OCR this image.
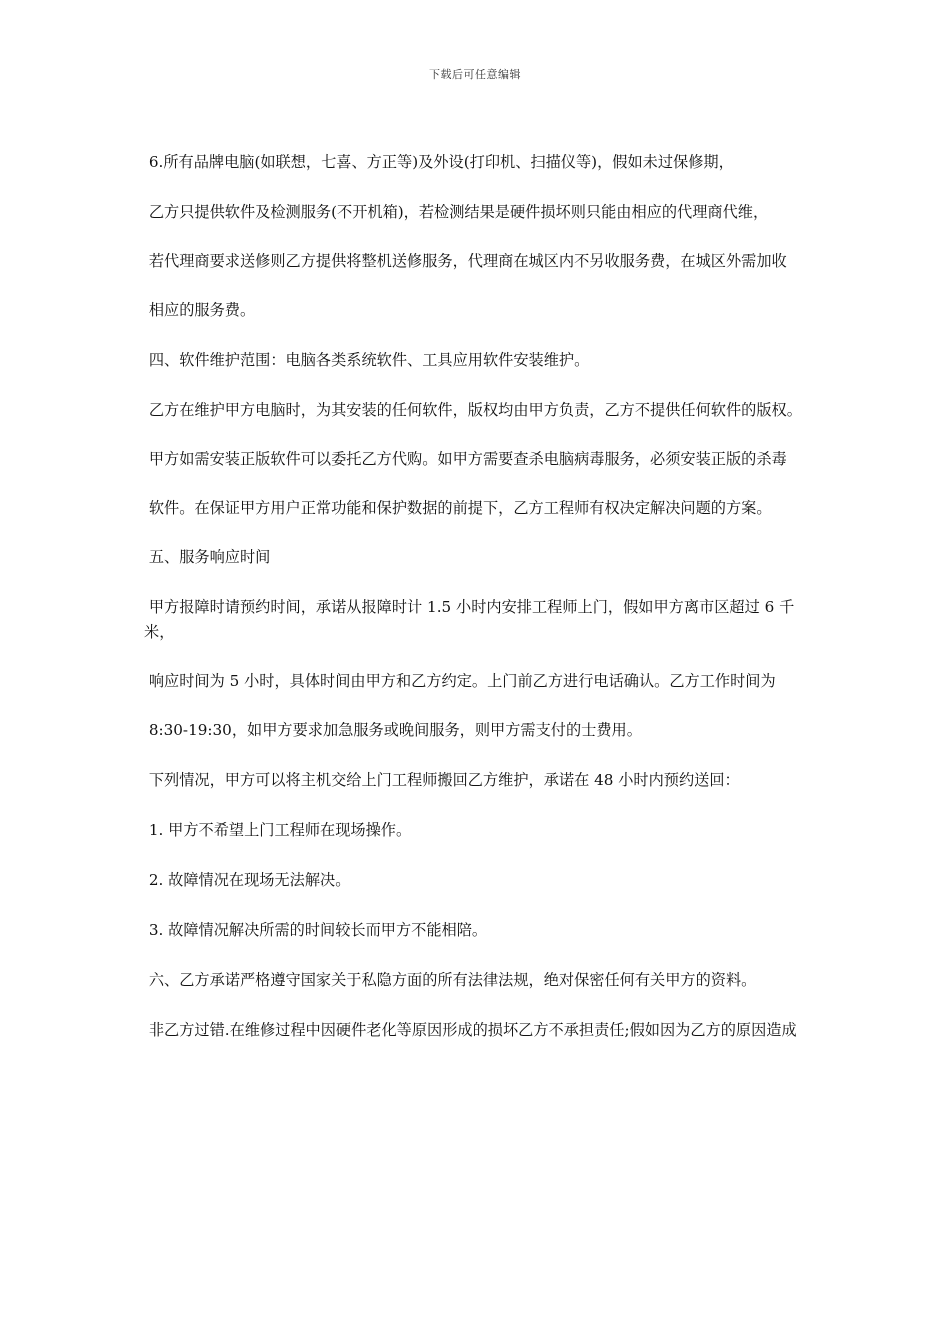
下载后可任意编辑

6.所有品牌电脑(如联想，七喜、方正等)及外设(打印机、扫描仪等)，假如未过保修期，

乙方只提供软件及检测服务(不开机箱)，若检测结果是硬件损坏则只能由相应的代理商代维，

若代理商要求送修则乙方提供将整机送修服务，代理商在城区内不另收服务费，在城区外需加收

相应的服务费。

四、软件维护范围：电脑各类系统软件、工具应用软件安装维护。

乙方在维护甲方电脑时，为其安装的任何软件，版权均由甲方负责，乙方不提供任何软件的版权。

甲方如需安装正版软件可以委托乙方代购。如甲方需要查杀电脑病毒服务，必须安装正版的杀毒

软件。在保证甲方用户正常功能和保护数据的前提下，乙方工程师有权决定解决问题的方案。

五、服务响应时间

甲方报障时请预约时间，承诺从报障时计 1.5 小时内安排工程师上门，假如甲方离市区超过 6 千米，

响应时间为 5 小时，具体时间由甲方和乙方约定。上门前乙方进行电话确认。乙方工作时间为

8:30-19:30，如甲方要求加急服务或晚间服务，则甲方需支付的士费用。

下列情况，甲方可以将主机交给上门工程师搬回乙方维护，承诺在 48 小时内预约送回：

1. 甲方不希望上门工程师在现场操作。

2. 故障情况在现场无法解决。

3. 故障情况解决所需的时间较长而甲方不能相陪。

六、乙方承诺严格遵守国家关于私隐方面的所有法律法规，绝对保密任何有关甲方的资料。

非乙方过错.在维修过程中因硬件老化等原因形成的损坏乙方不承担责任;假如因为乙方的原因造成
